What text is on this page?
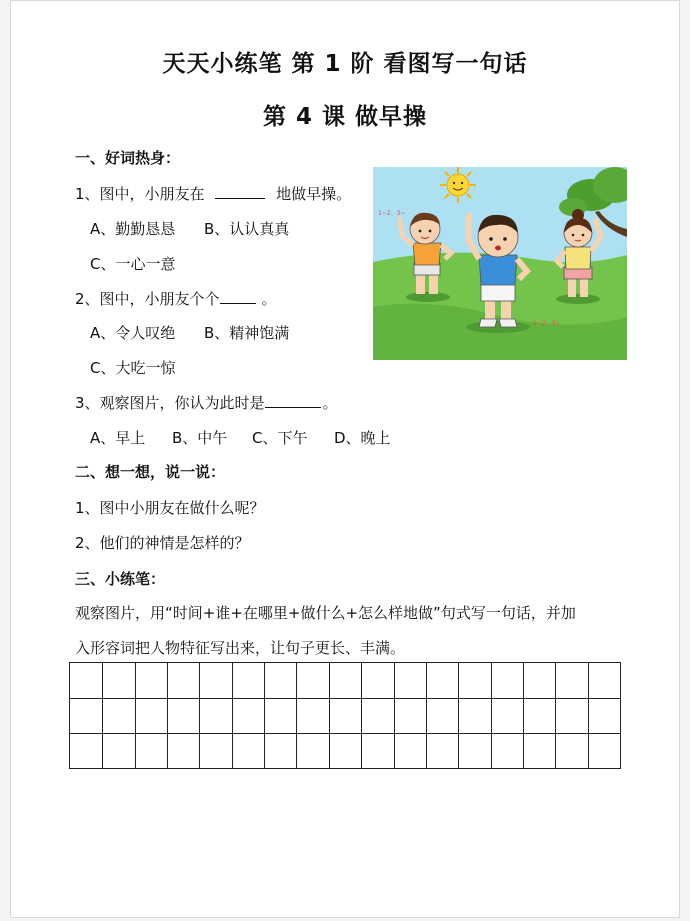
天天小练笔 第 1 阶 看图写一句话
第 4 课 做早操
一、好词热身：
1、图中，小朋友在	地做早操。
A、勤勤恳恳 B、认认真真
C、一心一意
2、图中，小朋友个个	。
A、令人叹绝 B、精神饱满
C、大吃一惊
3、观察图片，你认为此时是	。
A、早上 B、中午 C、下午 D、晚上
二、想一想，说一说：
1、图中小朋友在做什么呢？
2、他们的神情是怎样的？
三、小练笔：
观察图片，用“时间+谁+在哪里+做什么+怎么样地做”句式写一句话，并加
入形容词把人物特征写出来，让句子更长、丰满。
1~2、3~
1~2、3~
